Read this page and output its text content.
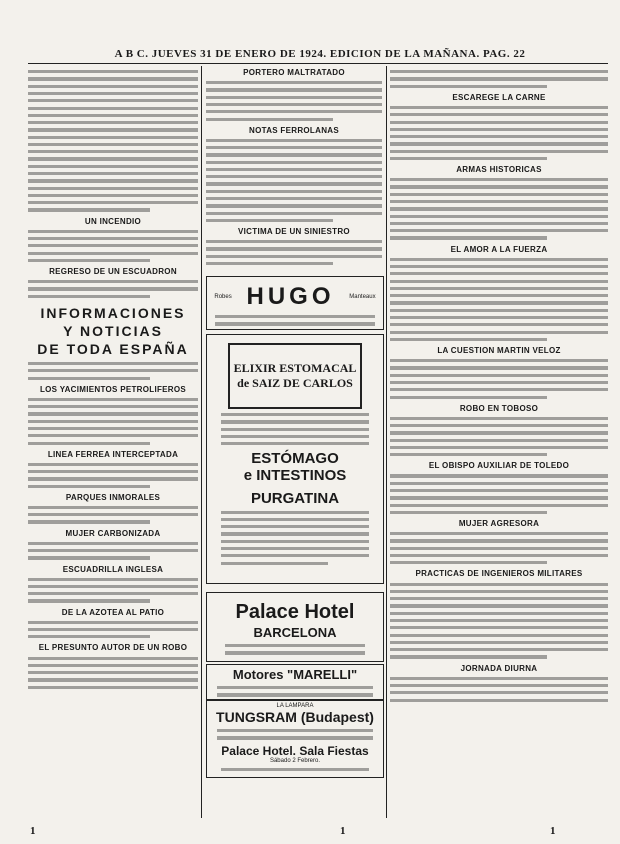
A B C. JUEVES 31 DE ENERO DE 1924. EDICION DE LA MAÑANA. PAG. 22
UN INCENDIO
REGRESO DE UN ESCUADRON
INFORMACIONES
Y NOTICIAS
DE TODA ESPAÑA
LOS YACIMIENTOS PETROLIFEROS
LINEA FERREA INTERCEPTADA
PARQUES INMORALES
MUJER CARBONIZADA
ESCUADRILLA INGLESA
DE LA AZOTEA AL PATIO
EL PRESUNTO AUTOR DE UN ROBO
PORTERO MALTRATADO
NOTAS FERROLANAS
VICTIMA DE UN SINIESTRO
Robes HUGO Manteaux
ELIXIR ESTOMACAL
de SAIZ DE CARLOS
ESTÓMAGO
e INTESTINOS
PURGATINA
Palace Hotel
BARCELONA
Motores "MARELLI"
LA LAMPARA
TUNGSRAM (Budapest)
Palace Hotel. Sala Fiestas
Sábado 2 Febrero.
ESCAREGE LA CARNE
ARMAS HISTORICAS
EL AMOR A LA FUERZA
LA CUESTION MARTIN VELOZ
ROBO EN TOBOSO
EL OBISPO AUXILIAR DE TOLEDO
MUJER AGRESORA
PRACTICAS DE INGENIEROS MILITARES
JORNADA DIURNA
1	1	1
